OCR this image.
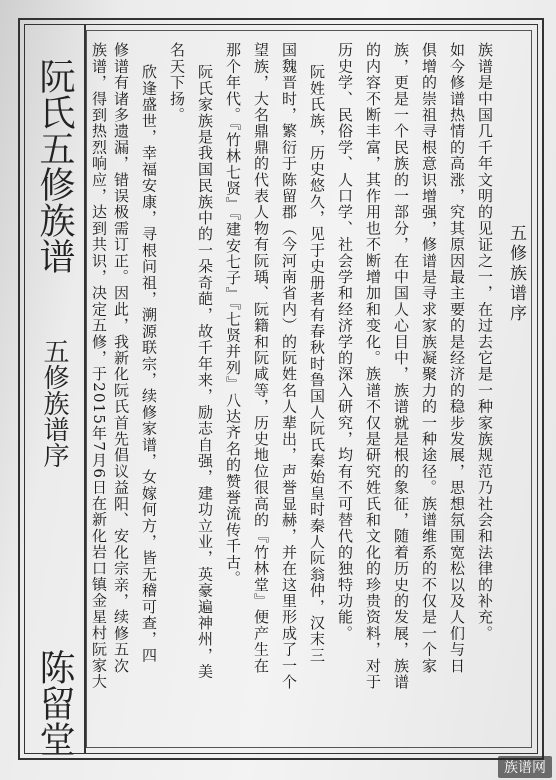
阮氏五修族谱
五修族谱序
陈留堂
五修族谱序
族谱是中国几千年文明的见证之一，在过去它是一种家族规范乃社会和法律的补充。
如今修谱热情的高涨，究其原因最主要的是经济的稳步发展，思想氛围宽松以及人们与日
俱增的崇祖寻根意识增强，修谱是寻求家族凝聚力的一种途径。族谱维系的不仅是一个家
族，更是一个民族的一部分，在中国人心目中，族谱就是根的象征，随着历史的发展，族谱
的内容不断丰富，其作用也不断增加和变化。族谱不仅是研究姓氏和文化的珍贵资料，对于
历史学、民俗学、人口学、社会学和经济学的深入研究，均有不可替代的独特功能。
阮姓氏族，历史悠久，见于史册者有春秋时鲁国人阮氏秦始皇时秦人阮翁仲，汉末三
国魏晋时，繁衍于陈留郡（今河南省内）的阮姓名人辈出，声誉显赫，并在这里形成了一个
望族，大名鼎鼎的代表人物有阮瑀、阮籍和阮咸等，历史地位很高的『竹林堂』便产生在
那个年代。『竹林七贤』『建安七子』『七贤并列』八达齐名的赞誉流传千古。
阮氏家族是我国民族中的一朵奇葩，故千年来，励志自强，建功立业，英豪遍神州，美
名天下扬。
欣逢盛世，幸福安康，寻根问祖，溯源联宗，续修家谱，女嫁何方，皆无稽可查，四
修谱有诸多遗漏，错误极需订正。因此，我新化阮氏首先倡议益阳、安化宗亲，续修五次
族谱，得到热烈响应，达到共识，决定五修，于2015年7月6日在新化岩口镇金星村阮家大
族谱网
